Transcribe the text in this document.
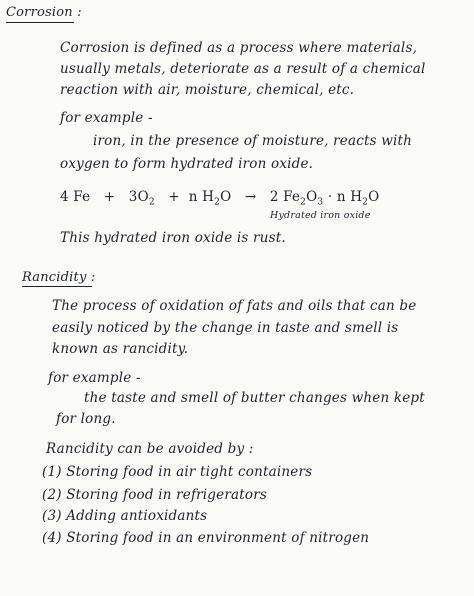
Corrosion :
Corrosion is defined as a process where materials,
usually metals, deteriorate as a result of a chemical
reaction with air, moisture, chemical, etc.
for example -
iron, in the presence of moisture, reacts with
oxygen to form hydrated iron oxide.
4 $Fe + 3O_2 + n$ $H_2O \to 2$ $Fe_2O_3 \cdot n$ $H_2O$
Hydrated iron oxide
This hydrated iron oxide is rust.
Rancidity :
The process of oxidation of fats and oils that can be
easily noticed by the change in taste and smell is
known as rancidity.
for example -
the taste and smell of butter changes when kept
for long.
Rancidity can be avoided by :
(1) Storing food in air tight containers
(2) Storing food in refrigerators
(3) Adding antioxidants
(4) Storing food in an environment of nitrogen
